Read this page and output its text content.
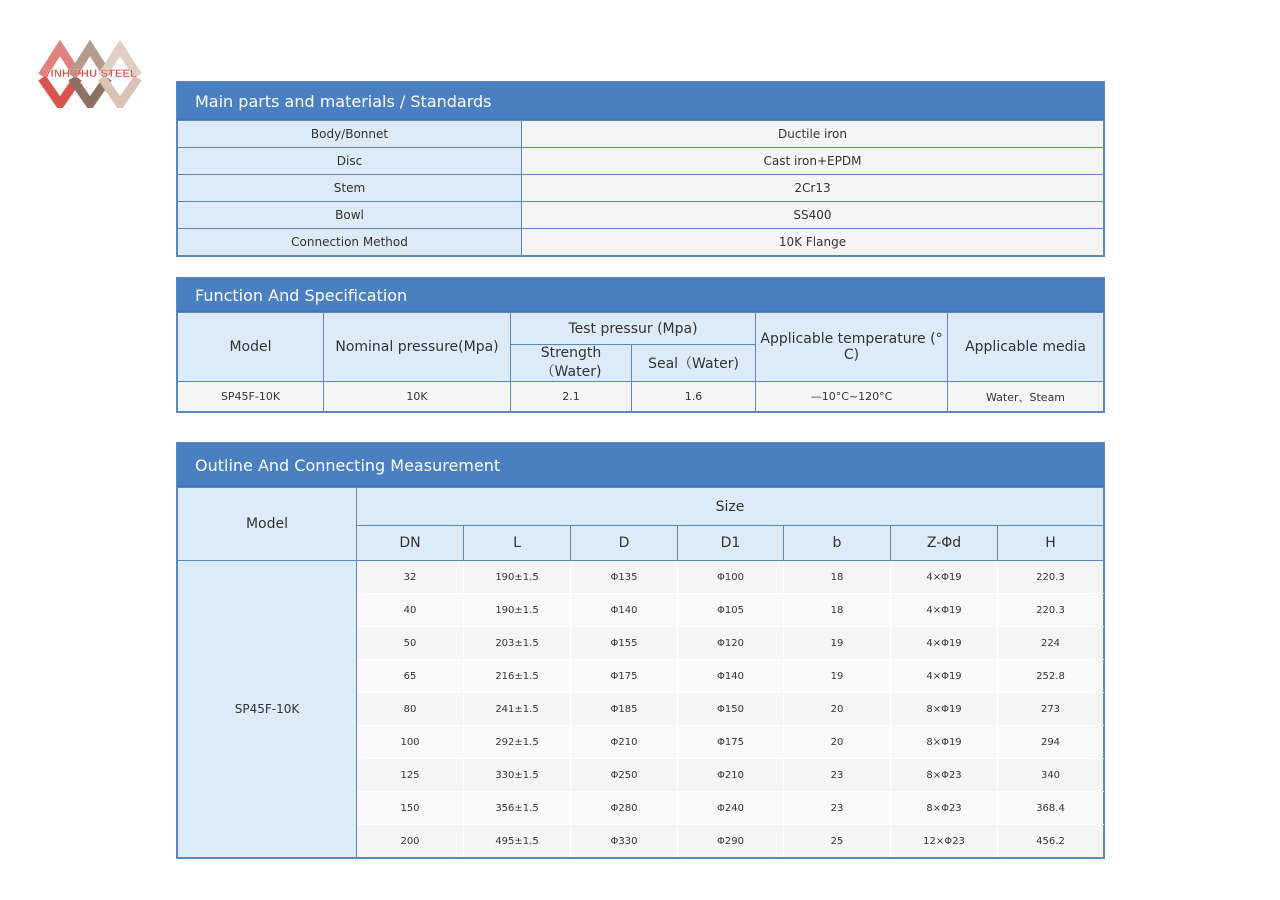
VINH PHU STEEL
Main parts and materials / Standards
Body/Bonnet	Ductile iron
Disc	Cast iron+EPDM
Stem	2Cr13
Bowl	SS400
Connection Method	10K Flange
Function And Specification
Model	Nominal pressure(Mpa)	Test pressur (Mpa)		Applicable temperature (° C)	Applicable media
		Strength（Water)	Seal（Water)		
SP45F-10K	10K	2.1	1.6	—10°C~120°C	Water、Steam
Outline And Connecting Measurement
Model	Size						
	DN	L	D	D1	b	Z-Φd	H
SP45F-10K	32	190±1.5	Φ135	Φ100	18	4×Φ19	220.3
	40	190±1.5	Φ140	Φ105	18	4×Φ19	220.3
	50	203±1.5	Φ155	Φ120	19	4×Φ19	224
	65	216±1.5	Φ175	Φ140	19	4×Φ19	252.8
	80	241±1.5	Φ185	Φ150	20	8×Φ19	273
	100	292±1.5	Φ210	Φ175	20	8×Φ19	294
	125	330±1.5	Φ250	Φ210	23	8×Φ23	340
	150	356±1.5	Φ280	Φ240	23	8×Φ23	368.4
	200	495±1.5	Φ330	Φ290	25	12×Φ23	456.2
